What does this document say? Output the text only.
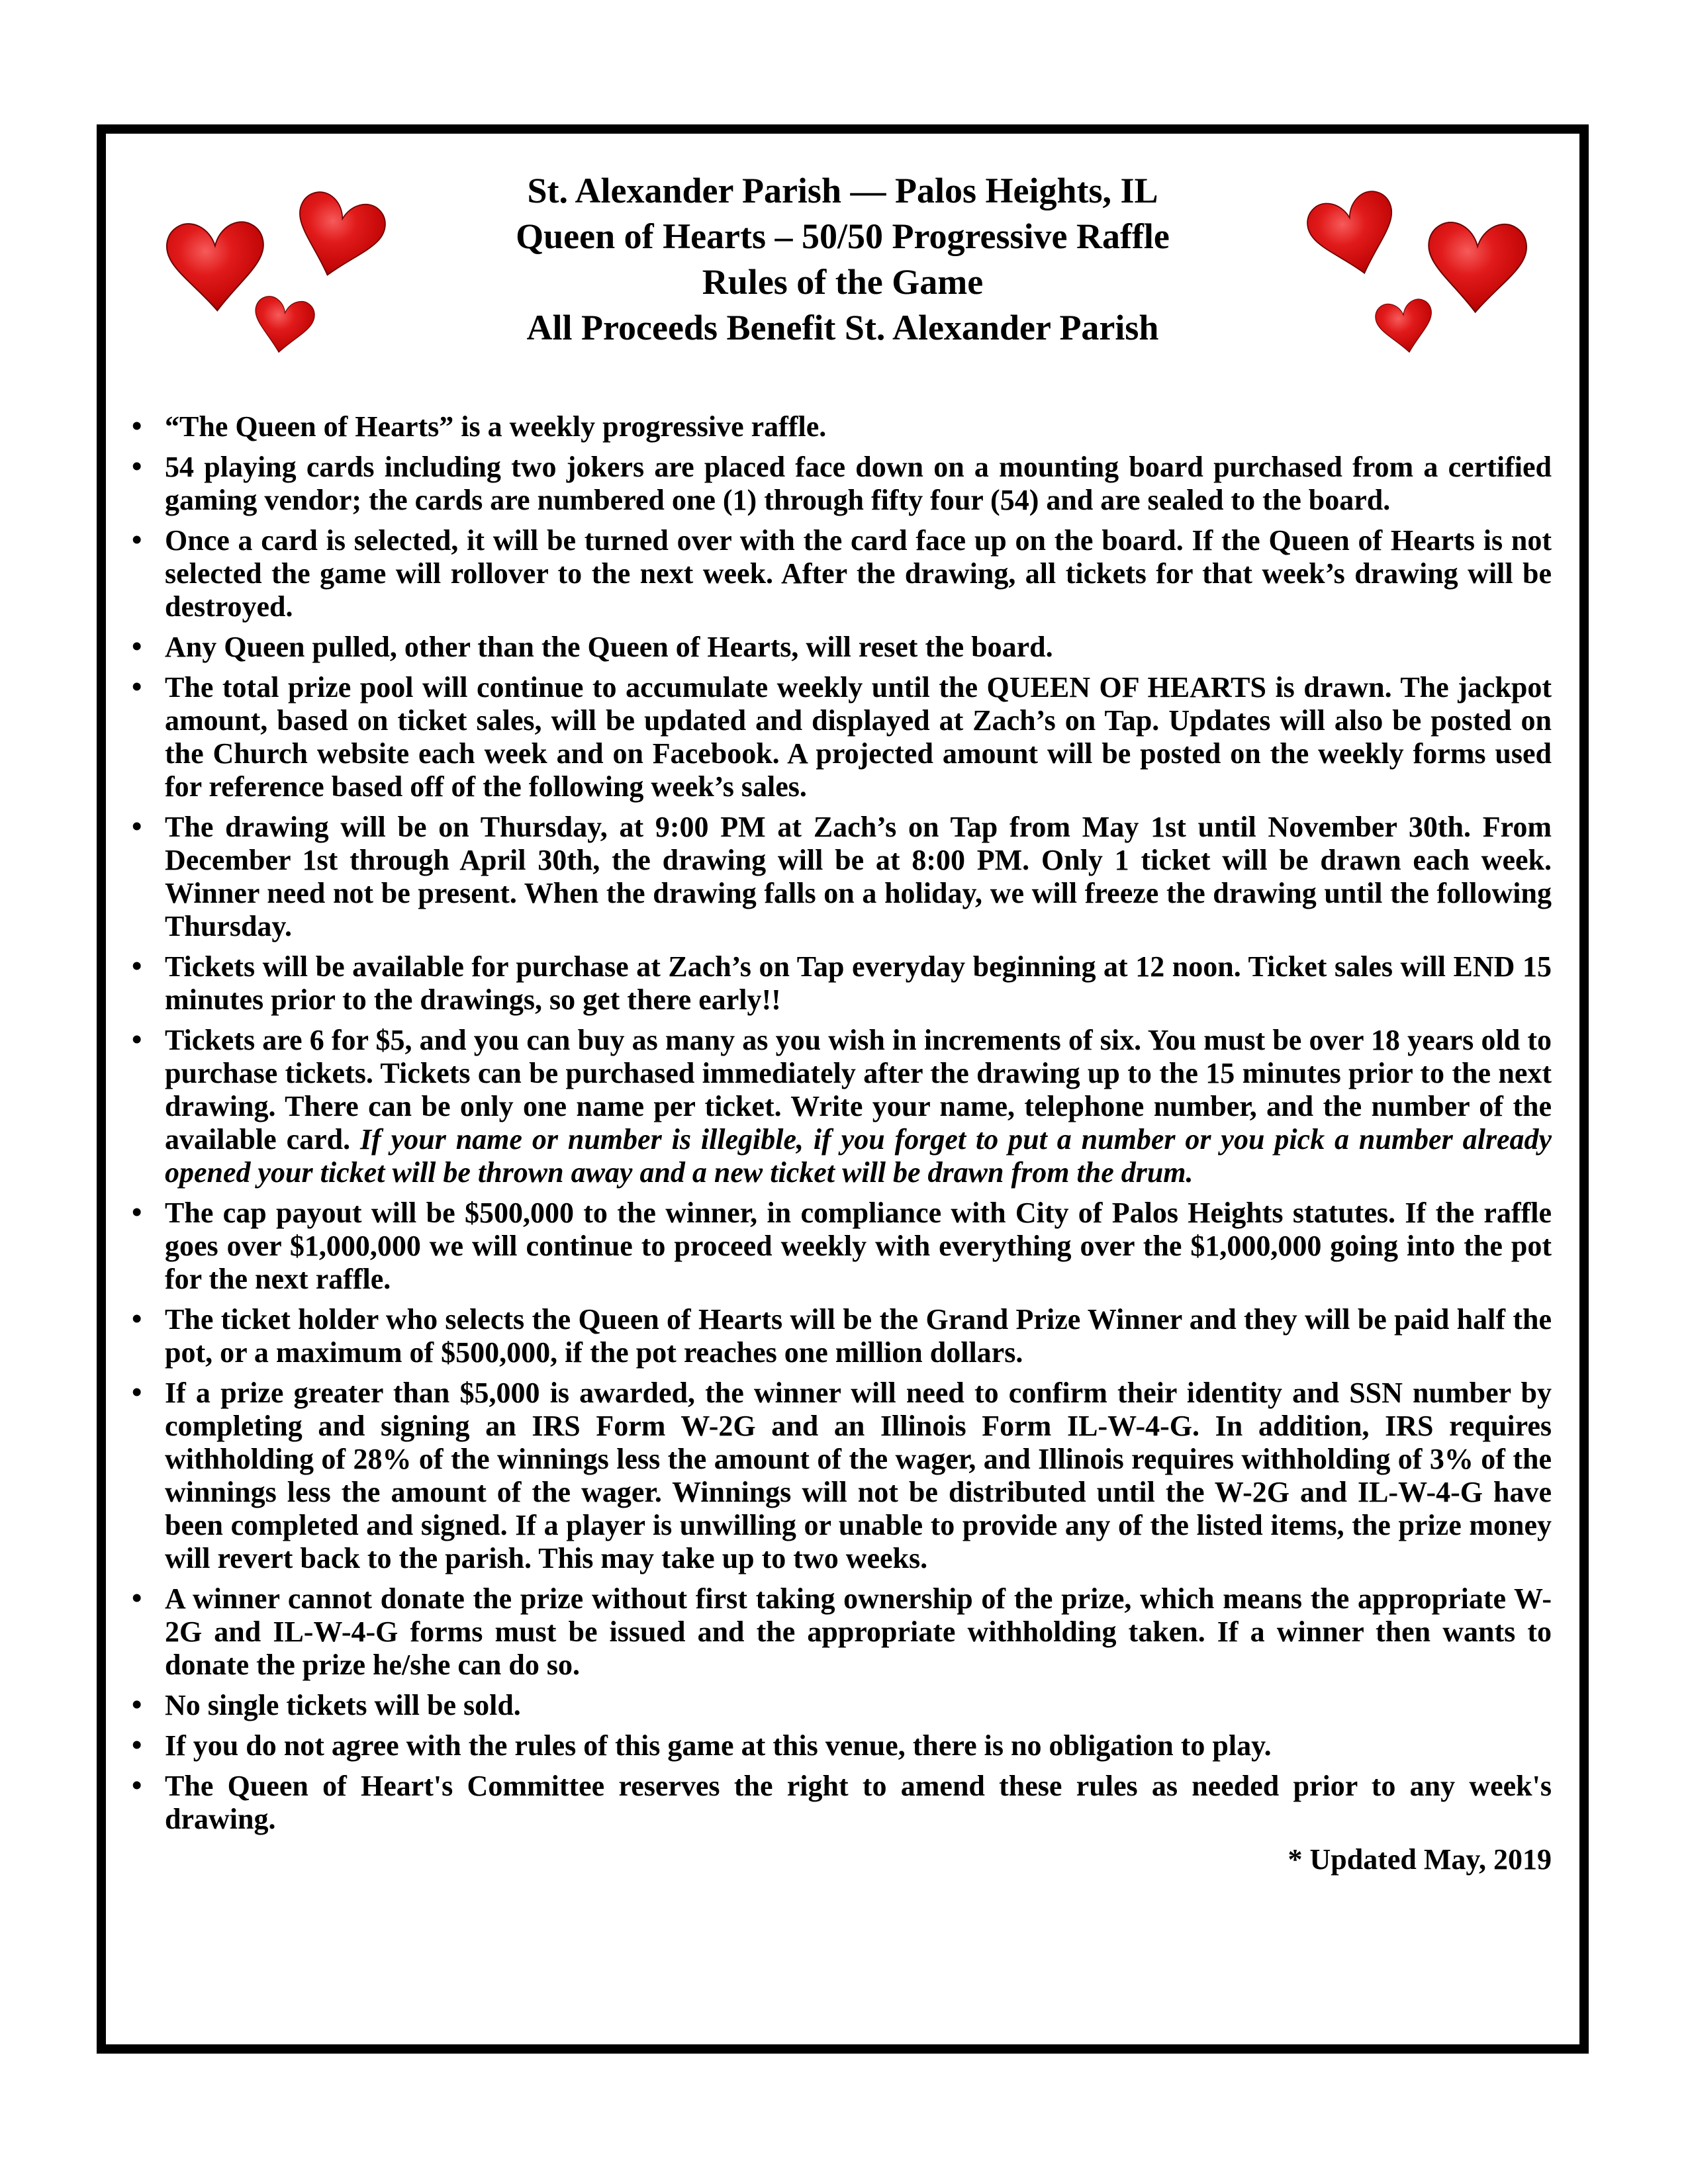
St. Alexander Parish — Palos Heights, IL
Queen of Hearts – 50/50 Progressive Raffle
Rules of the Game
All Proceeds Benefit St. Alexander Parish
• “The Queen of Hearts” is a weekly progressive raffle.
• 54 playing cards including two jokers are placed face down on a mounting board purchased from a certified gaming vendor; the cards are numbered one (1) through fifty four (54) and are sealed to the board.
• Once a card is selected, it will be turned over with the card face up on the board. If the Queen of Hearts is not selected the game will rollover to the next week. After the drawing, all tickets for that week’s drawing will be destroyed.
• Any Queen pulled, other than the Queen of Hearts, will reset the board.
• The total prize pool will continue to accumulate weekly until the QUEEN OF HEARTS is drawn. The jackpot amount, based on ticket sales, will be updated and displayed at Zach’s on Tap. Updates will also be posted on the Church website each week and on Facebook. A projected amount will be posted on the weekly forms used for reference based off of the following week’s sales.
• The drawing will be on Thursday, at 9:00 PM at Zach’s on Tap from May 1st until November 30th. From December 1st through April 30th, the drawing will be at 8:00 PM. Only 1 ticket will be drawn each week. Winner need not be present. When the drawing falls on a holiday, we will freeze the drawing until the following Thursday.
• Tickets will be available for purchase at Zach’s on Tap everyday beginning at 12 noon. Ticket sales will END 15 minutes prior to the drawings, so get there early!!
• Tickets are 6 for $5, and you can buy as many as you wish in increments of six. You must be over 18 years old to purchase tickets. Tickets can be purchased immediately after the drawing up to the 15 minutes prior to the next drawing. There can be only one name per ticket. Write your name, telephone number, and the number of the available card. If your name or number is illegible, if you forget to put a number or you pick a number already opened your ticket will be thrown away and a new ticket will be drawn from the drum.
• The cap payout will be $500,000 to the winner, in compliance with City of Palos Heights statutes. If the raffle goes over $1,000,000 we will continue to proceed weekly with everything over the $1,000,000 going into the pot for the next raffle.
• The ticket holder who selects the Queen of Hearts will be the Grand Prize Winner and they will be paid half the pot, or a maximum of $500,000, if the pot reaches one million dollars.
• If a prize greater than $5,000 is awarded, the winner will need to confirm their identity and SSN number by completing and signing an IRS Form W-2G and an Illinois Form IL-W-4-G. In addition, IRS requires withholding of 28% of the winnings less the amount of the wager, and Illinois requires withholding of 3% of the winnings less the amount of the wager. Winnings will not be distributed until the W-2G and IL-W-4-G have been completed and signed. If a player is unwilling or unable to provide any of the listed items, the prize money will revert back to the parish. This may take up to two weeks.
• A winner cannot donate the prize without first taking ownership of the prize, which means the appropriate W-2G and IL-W-4-G forms must be issued and the appropriate withholding taken. If a winner then wants to donate the prize he/she can do so.
• No single tickets will be sold.
• If you do not agree with the rules of this game at this venue, there is no obligation to play.
• The Queen of Heart's Committee reserves the right to amend these rules as needed prior to any week's drawing.
* Updated May, 2019
